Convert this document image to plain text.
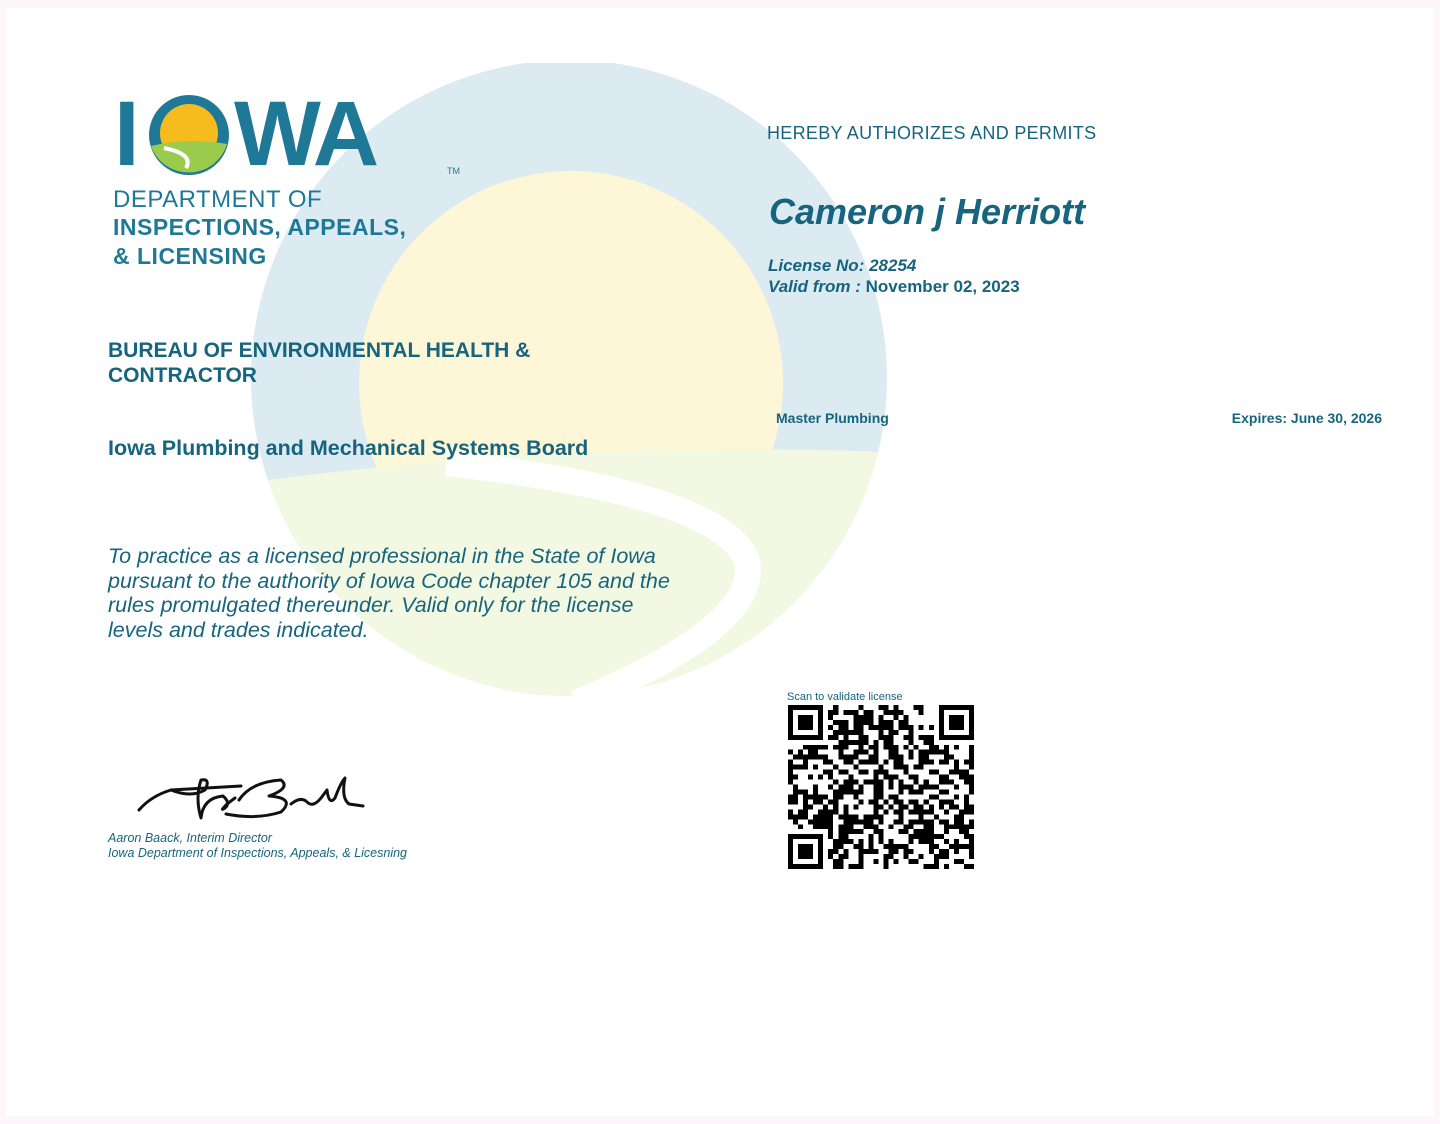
I WA	TM
DEPARTMENT OF
INSPECTIONS, APPEALS,
& LICENSING
BUREAU OF ENVIRONMENTAL HEALTH & CONTRACTOR
Iowa Plumbing and Mechanical Systems Board
To practice as a licensed professional in the State of Iowa pursuant to the authority of Iowa Code chapter 105 and the rules promulgated thereunder. Valid only for the license levels and trades indicated.
Aaron Baack, Interim Director
Iowa Department of Inspections, Appeals, & Licesning
HEREBY AUTHORIZES AND PERMITS
Cameron j Herriott
License No: 28254
Valid from : November 02, 2023
Master Plumbing	Expires: June 30, 2026
Scan to validate license
